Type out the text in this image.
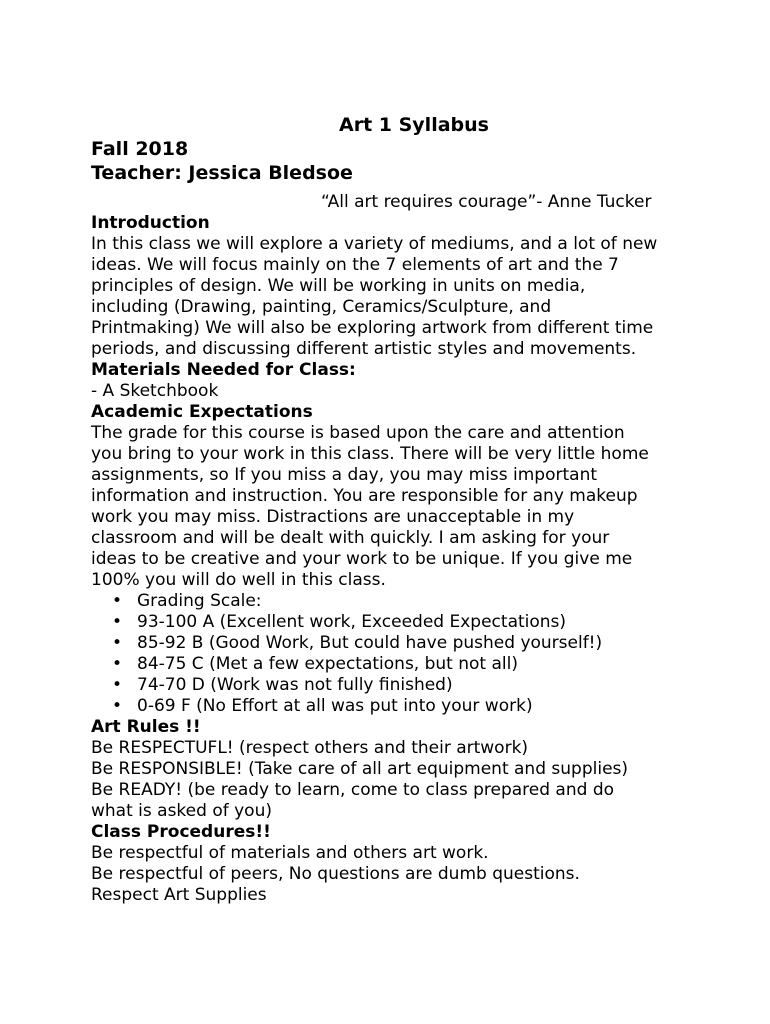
Art 1 Syllabus
Fall 2018
Teacher: Jessica Bledsoe
“All art requires courage”- Anne Tucker
Introduction

In this class we will explore a variety of mediums, and a lot of new

ideas. We will focus mainly on the 7 elements of art and the 7

principles of design. We will be working in units on media,

including (Drawing, painting, Ceramics/Sculpture, and

Printmaking) We will also be exploring artwork from different time

periods, and discussing different artistic styles and movements.

Materials Needed for Class:

- A Sketchbook

Academic Expectations

The grade for this course is based upon the care and attention

you bring to your work in this class. There will be very little home

assignments, so If you miss a day, you may miss important

information and instruction. You are responsible for any makeup

work you may miss. Distractions are unacceptable in my

classroom and will be dealt with quickly. I am asking for your

ideas to be creative and your work to be unique. If you give me

100% you will do well in this class.

• Grading Scale:
• 93-100 A (Excellent work, Exceeded Expectations)
• 85-92 B (Good Work, But could have pushed yourself!)
• 84-75 C (Met a few expectations, but not all)
• 74-70 D (Work was not fully finished)
• 0-69 F (No Effort at all was put into your work)
Art Rules !!

Be RESPECTUFL! (respect others and their artwork)

Be RESPONSIBLE! (Take care of all art equipment and supplies)

Be READY! (be ready to learn, come to class prepared and do

what is asked of you)

Class Procedures!!

Be respectful of materials and others art work.

Be respectful of peers, No questions are dumb questions.

Respect Art Supplies
